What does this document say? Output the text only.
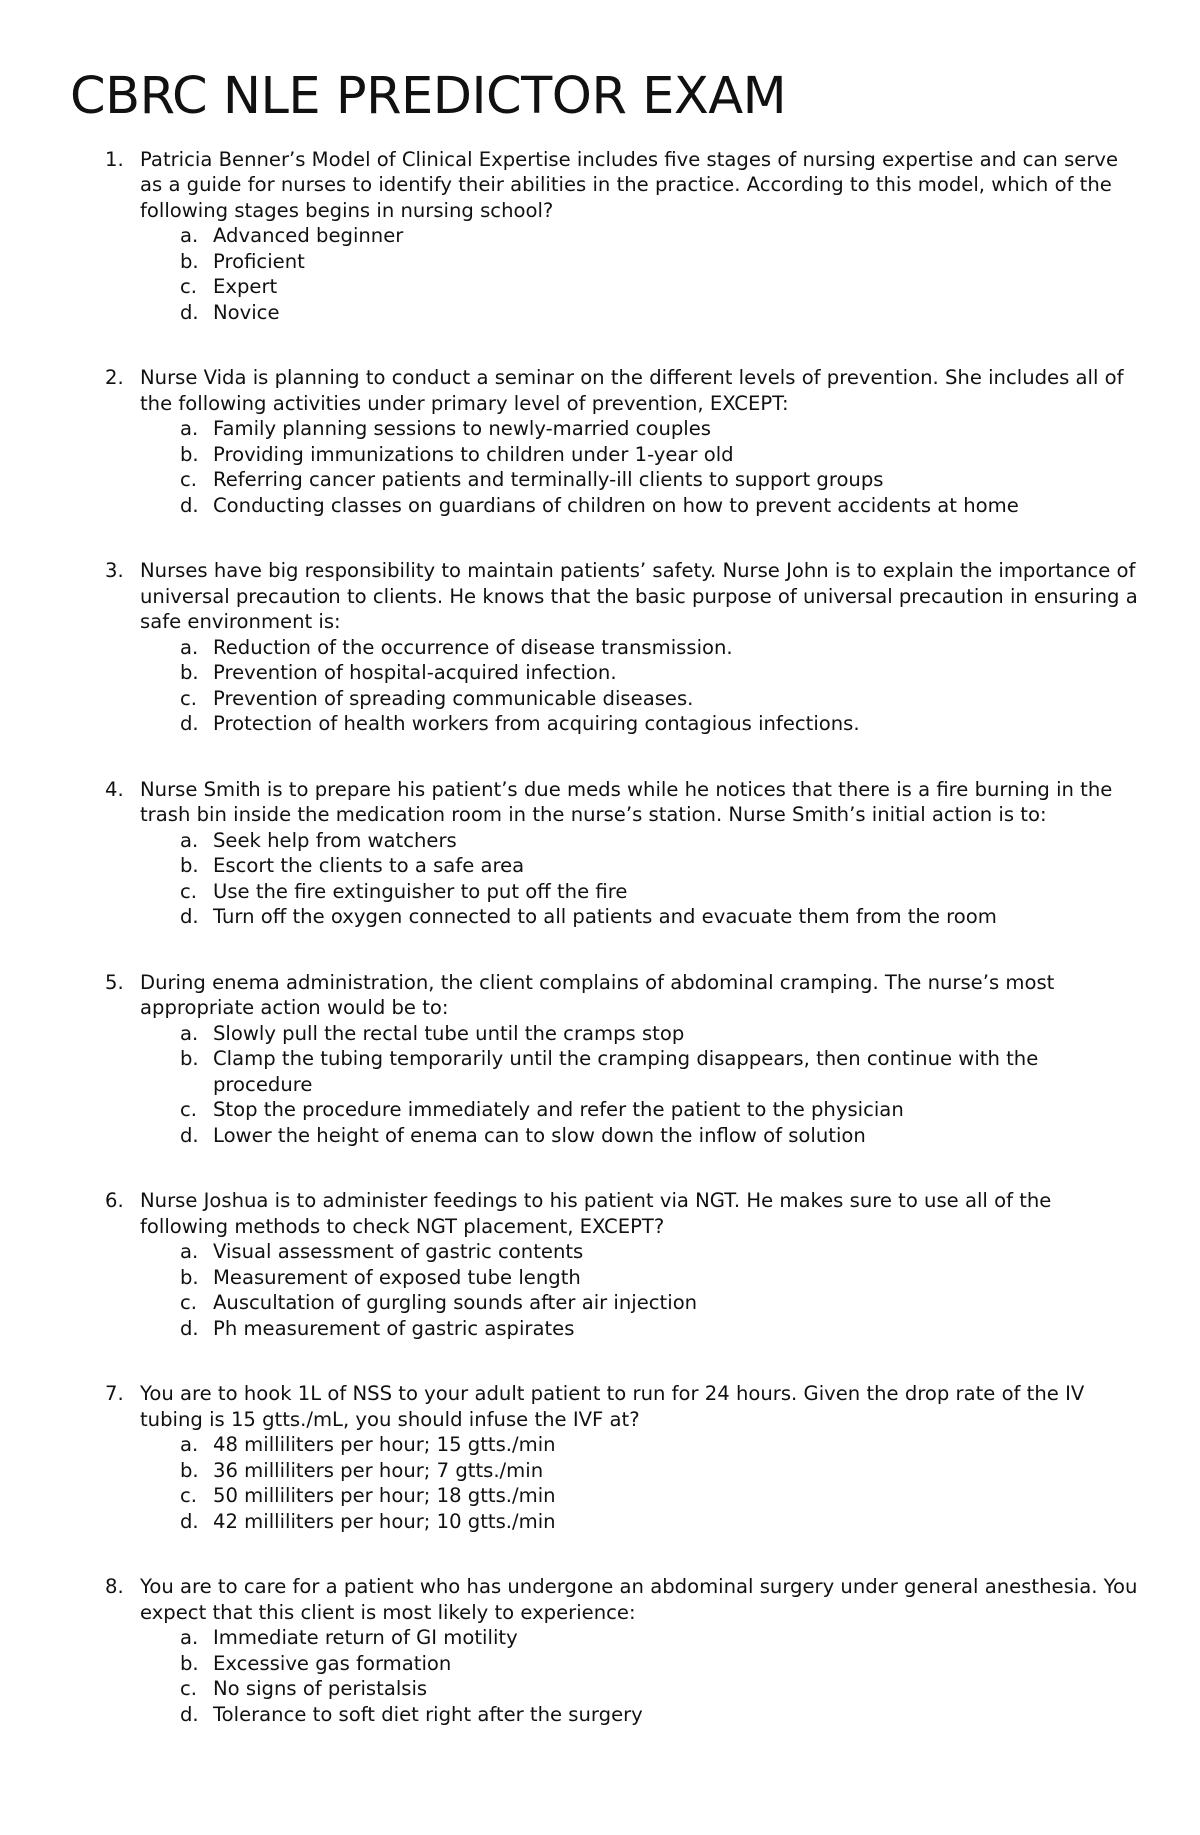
CBRC NLE PREDICTOR EXAM
1. Patricia Benner’s Model of Clinical Expertise includes five stages of nursing expertise and can serve as a guide for nurses to identify their abilities in the practice. According to this model, which of the following stages begins in nursing school?
a. Advanced beginner
b. Proficient
c. Expert
d. Novice
2. Nurse Vida is planning to conduct a seminar on the different levels of prevention. She includes all of the following activities under primary level of prevention, EXCEPT:
a. Family planning sessions to newly-married couples
b. Providing immunizations to children under 1-year old
c. Referring cancer patients and terminally-ill clients to support groups
d. Conducting classes on guardians of children on how to prevent accidents at home
3. Nurses have big responsibility to maintain patients’ safety. Nurse John is to explain the importance of universal precaution to clients. He knows that the basic purpose of universal precaution in ensuring a safe environment is:
a. Reduction of the occurrence of disease transmission.
b. Prevention of hospital-acquired infection.
c. Prevention of spreading communicable diseases.
d. Protection of health workers from acquiring contagious infections.
4. Nurse Smith is to prepare his patient’s due meds while he notices that there is a fire burning in the trash bin inside the medication room in the nurse’s station. Nurse Smith’s initial action is to:
a. Seek help from watchers
b. Escort the clients to a safe area
c. Use the fire extinguisher to put off the fire
d. Turn off the oxygen connected to all patients and evacuate them from the room
5. During enema administration, the client complains of abdominal cramping. The nurse’s most appropriate action would be to:
a. Slowly pull the rectal tube until the cramps stop
b. Clamp the tubing temporarily until the cramping disappears, then continue with the procedure
c. Stop the procedure immediately and refer the patient to the physician
d. Lower the height of enema can to slow down the inflow of solution
6. Nurse Joshua is to administer feedings to his patient via NGT. He makes sure to use all of the following methods to check NGT placement, EXCEPT?
a. Visual assessment of gastric contents
b. Measurement of exposed tube length
c. Auscultation of gurgling sounds after air injection
d. Ph measurement of gastric aspirates
7. You are to hook 1L of NSS to your adult patient to run for 24 hours. Given the drop rate of the IV tubing is 15 gtts./mL, you should infuse the IVF at?
a. 48 milliliters per hour; 15 gtts./min
b. 36 milliliters per hour; 7 gtts./min
c. 50 milliliters per hour; 18 gtts./min
d. 42 milliliters per hour; 10 gtts./min
8. You are to care for a patient who has undergone an abdominal surgery under general anesthesia. You expect that this client is most likely to experience:
a. Immediate return of GI motility
b. Excessive gas formation
c. No signs of peristalsis
d. Tolerance to soft diet right after the surgery
